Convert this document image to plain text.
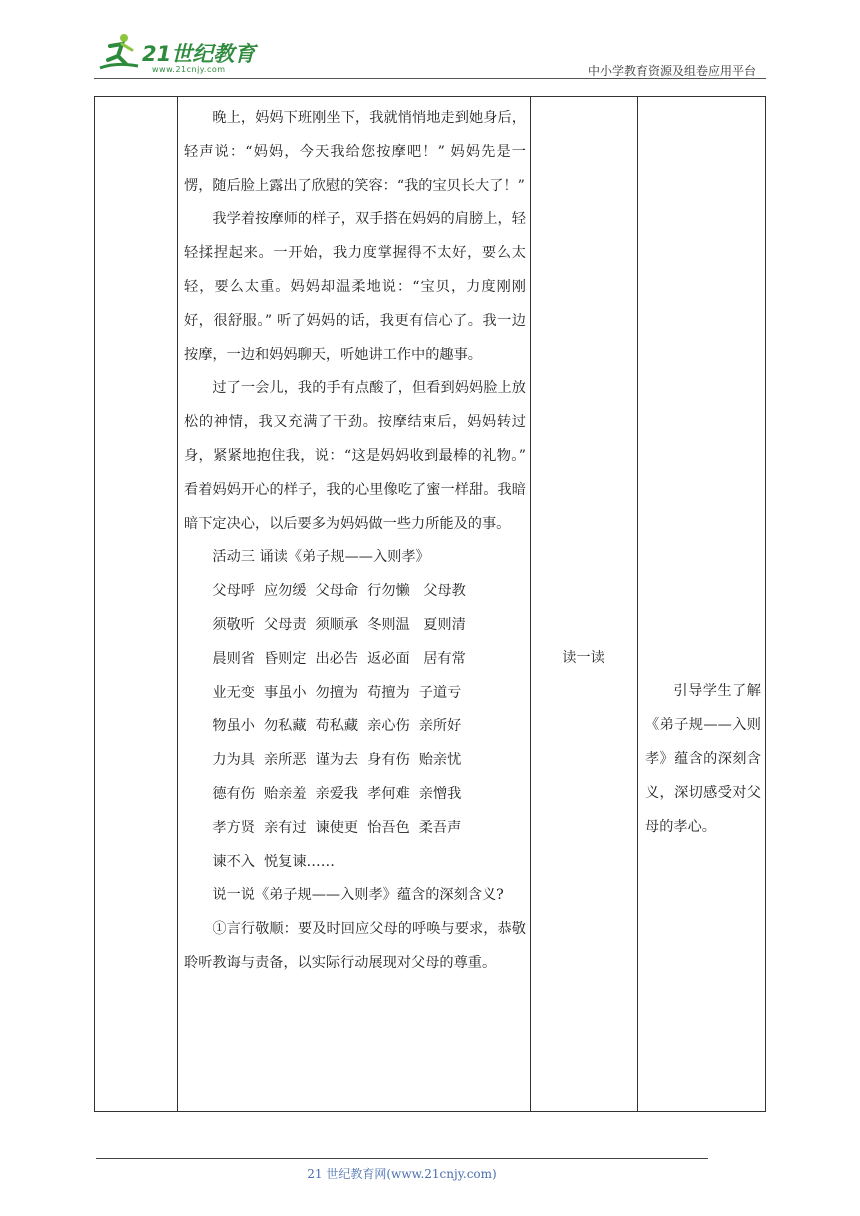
21世纪教育
www.21cnjy.com	中小学教育资源及组卷应用平台

晚上，妈妈下班刚坐下，我就悄悄地走到她身后，轻声说：“妈妈，今天我给您按摩吧！” 妈妈先是一愣，随后脸上露出了欣慰的笑容：“我的宝贝长大了！”

我学着按摩师的样子，双手搭在妈妈的肩膀上，轻轻揉捏起来。一开始，我力度掌握得不太好，要么太轻，要么太重。妈妈却温柔地说：“宝贝，力度刚刚好，很舒服。” 听了妈妈的话，我更有信心了。我一边按摩，一边和妈妈聊天，听她讲工作中的趣事。

过了一会儿，我的手有点酸了，但看到妈妈脸上放松的神情，我又充满了干劲。按摩结束后，妈妈转过身，紧紧地抱住我，说：“这是妈妈收到最棒的礼物。” 看着妈妈开心的样子，我的心里像吃了蜜一样甜。我暗暗下定决心，以后要多为妈妈做一些力所能及的事。

活动三 诵读《弟子规——入则孝》

父母呼  应勿缓  父母命  行勿懒   父母教

须敬听  父母责  须顺承  冬则温   夏则清

晨则省  昏则定  出必告  返必面   居有常

业无变  事虽小  勿擅为  苟擅为  子道亏

物虽小  勿私藏  苟私藏  亲心伤  亲所好

力为具  亲所恶  谨为去  身有伤  贻亲忧

德有伤  贻亲羞  亲爱我  孝何难  亲憎我

孝方贤  亲有过  谏使更  怡吾色  柔吾声

谏不入  悦复谏……

说一说《弟子规——入则孝》蕴含的深刻含义?

①言行敬顺：要及时回应父母的呼唤与要求，恭敬聆听教诲与责备，以实际行动展现对父母的尊重。

读一读

引导学生了解《弟子规——入则孝》蕴含的深刻含义，深切感受对父母的孝心。

21 世纪教育网(www.21cnjy.com)
